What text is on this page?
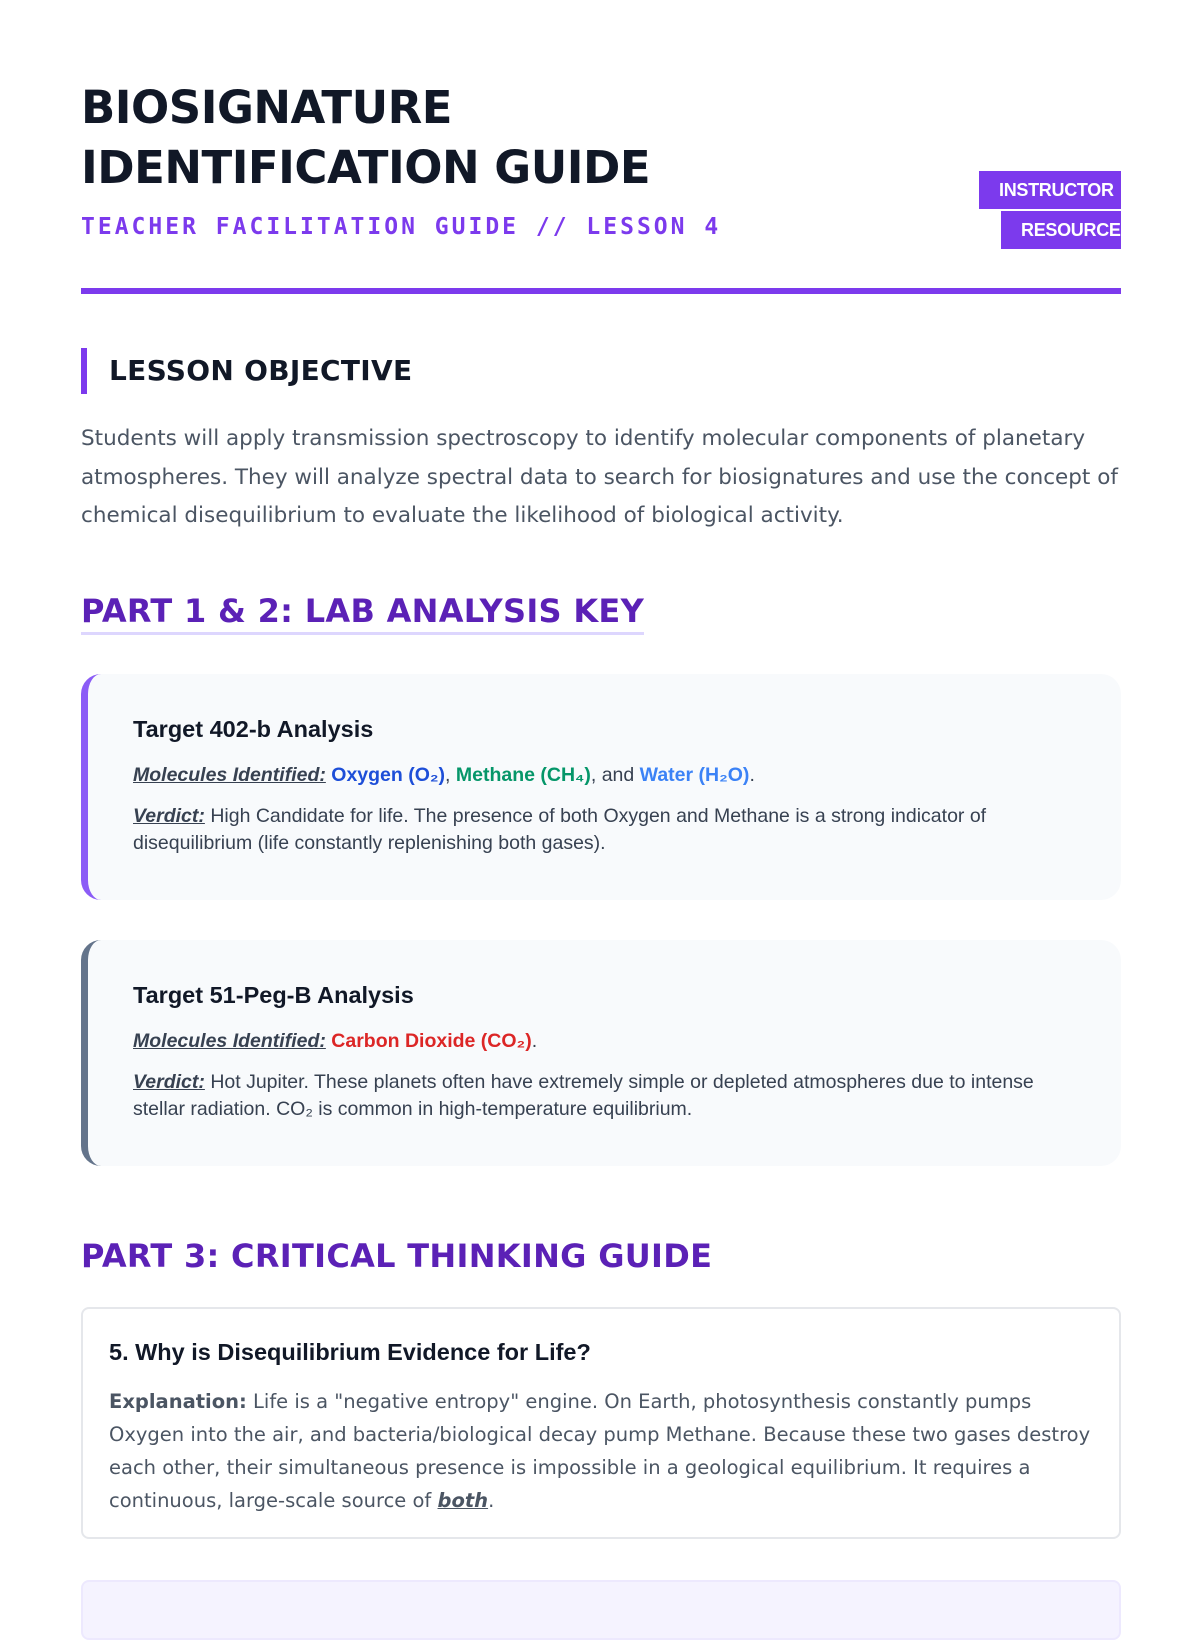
BIOSIGNATURE
IDENTIFICATION GUIDE
TEACHER FACILITATION GUIDE // LESSON 4
INSTRUCTOR
RESOURCE
LESSON OBJECTIVE

Students will apply transmission spectroscopy to identify molecular components of planetary atmospheres. They will analyze spectral data to search for biosignatures and use the concept of chemical disequilibrium to evaluate the likelihood of biological activity.

PART 1 & 2: LAB ANALYSIS KEY
Target 402-b Analysis

Molecules Identified: Oxygen (O₂), Methane (CH₄), and Water (H₂O).

Verdict: High Candidate for life. The presence of both Oxygen and Methane is a strong indicator of disequilibrium (life constantly replenishing both gases).

Target 51-Peg-B Analysis

Molecules Identified: Carbon Dioxide (CO₂).

Verdict: Hot Jupiter. These planets often have extremely simple or depleted atmospheres due to intense stellar radiation. CO₂ is common in high-temperature equilibrium.

PART 3: CRITICAL THINKING GUIDE
5. Why is Disequilibrium Evidence for Life?

Explanation: Life is a "negative entropy" engine. On Earth, photosynthesis constantly pumps Oxygen into the air, and bacteria/biological decay pump Methane. Because these two gases destroy each other, their simultaneous presence is impossible in a geological equilibrium. It requires a continuous, large-scale source of both.
